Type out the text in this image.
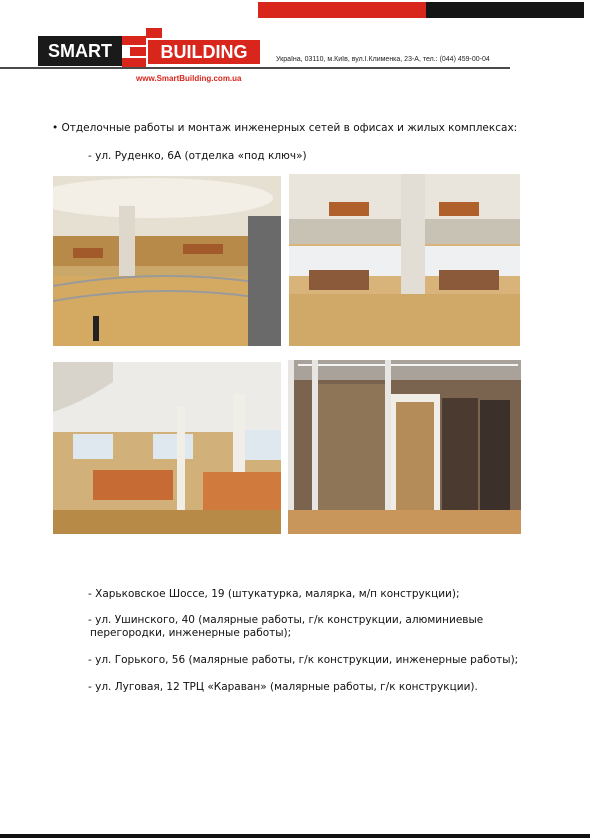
SMART	BUILDING
www.SmartBuilding.com.ua
Україна, 03110, м.Київ, вул.І.Клименка, 23-А, тел.: (044) 459-00-04
• Отделочные работы и монтаж инженерных сетей в офисах и жилых комплексах:
- ул. Руденко, 6А (отделка «под ключ»)
- Харьковское Шоссе, 19 (штукатурка, малярка, м/п конструкции);
- ул. Ушинского, 40 (малярные работы, г/к конструкции, алюминиевые
перегородки, инженерные работы);
- ул. Горького, 56 (малярные работы, г/к конструкции, инженерные работы);
- ул. Луговая, 12 ТРЦ «Караван» (малярные работы, г/к конструкции).
